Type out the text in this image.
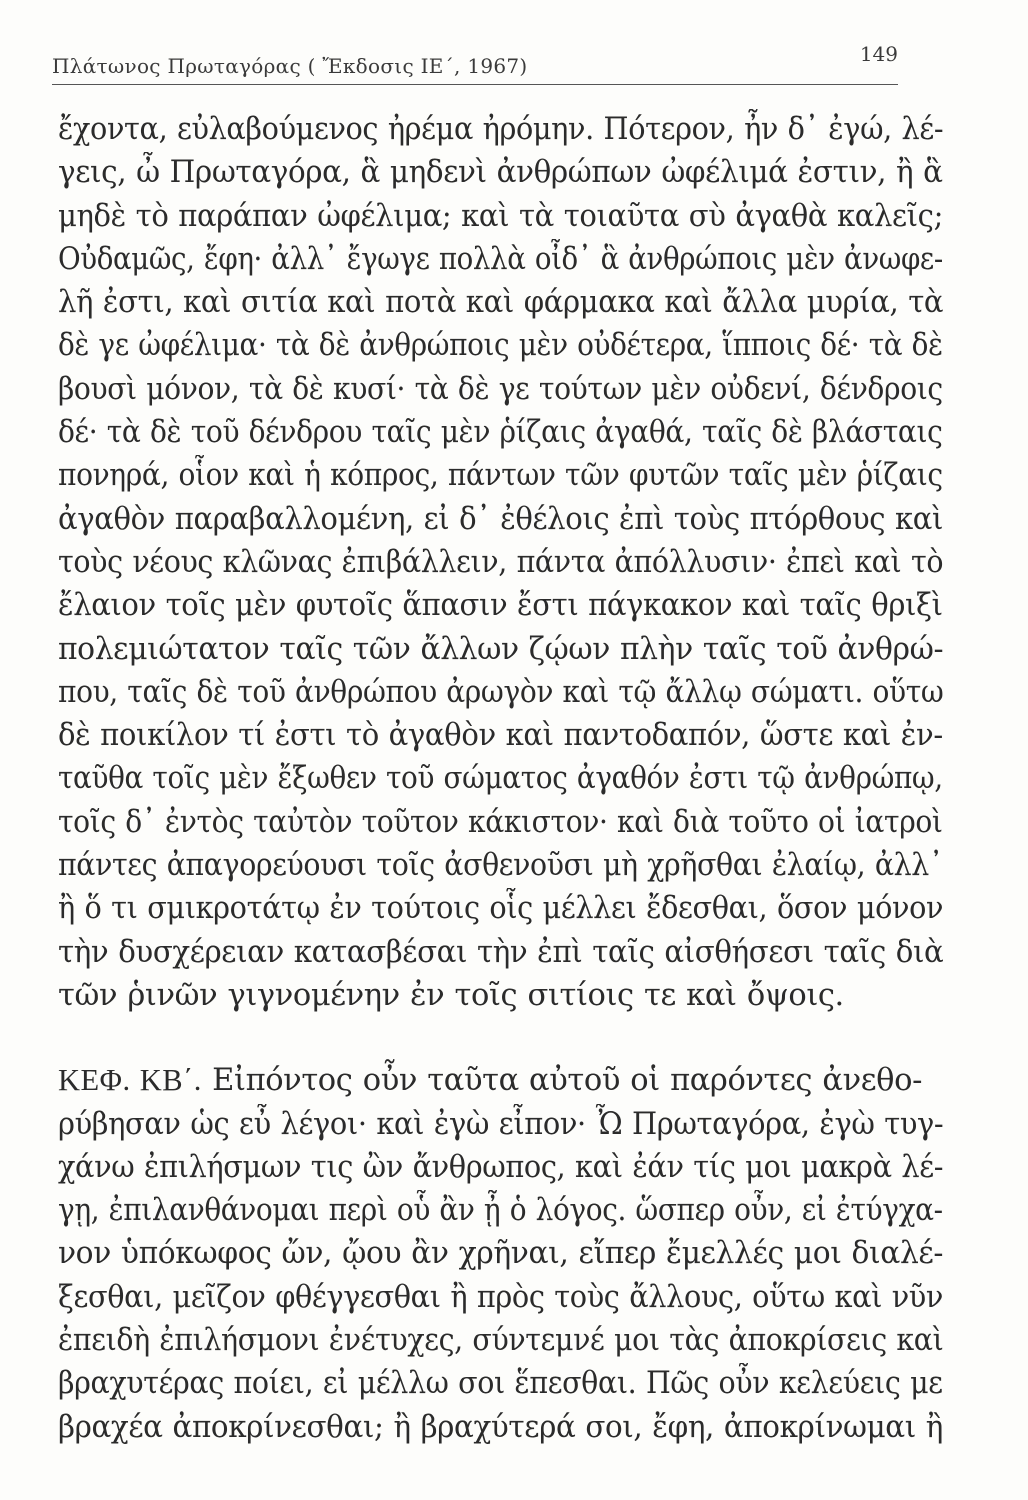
Πλάτωνος Πρωταγόρας ( Ἔκδοσις ΙΕ΄, 1967)	149
ἔχοντα, εὐλαβούμενος ἠρέμα ἠρόμην. Πότερον, ἦν δ᾽ ἐγώ, λέ-
γεις, ὦ Πρωταγόρα, ἃ μηδενὶ ἀνθρώπων ὠφέλιμά ἐστιν, ἢ ἃ
μηδὲ τὸ παράπαν ὠφέλιμα; καὶ τὰ τοιαῦτα σὺ ἀγαθὰ καλεῖς;
Οὐδαμῶς, ἔφη· ἀλλ᾽ ἔγωγε πολλὰ οἶδ᾽ ἃ ἀνθρώποις μὲν ἀνωφε-
λῆ ἐστι, καὶ σιτία καὶ ποτὰ καὶ φάρμακα καὶ ἄλλα μυρία, τὰ
δὲ γε ὠφέλιμα· τὰ δὲ ἀνθρώποις μὲν οὐδέτερα, ἵπποις δέ· τὰ δὲ
βουσὶ μόνον, τὰ δὲ κυσί· τὰ δὲ γε τούτων μὲν οὐδενί, δένδροις
δέ· τὰ δὲ τοῦ δένδρου ταῖς μὲν ῥίζαις ἀγαθά, ταῖς δὲ βλάσταις
πονηρά, οἷον καὶ ἡ κόπρος, πάντων τῶν φυτῶν ταῖς μὲν ῥίζαις
ἀγαθὸν παραβαλλομένη, εἰ δ᾽ ἐθέλοις ἐπὶ τοὺς πτόρθους καὶ
τοὺς νέους κλῶνας ἐπιβάλλειν, πάντα ἀπόλλυσιν· ἐπεὶ καὶ τὸ
ἔλαιον τοῖς μὲν φυτοῖς ἅπασιν ἔστι πάγκακον καὶ ταῖς θριξὶ
πολεμιώτατον ταῖς τῶν ἄλλων ζῴων πλὴν ταῖς τοῦ ἀνθρώ-
που, ταῖς δὲ τοῦ ἀνθρώπου ἀρωγὸν καὶ τῷ ἄλλῳ σώματι. οὕτω
δὲ ποικίλον τί ἐστι τὸ ἀγαθὸν καὶ παντοδαπόν, ὥστε καὶ ἐν-
ταῦθα τοῖς μὲν ἔξωθεν τοῦ σώματος ἀγαθόν ἐστι τῷ ἀνθρώπῳ,
τοῖς δ᾽ ἐντὸς ταὐτὸν τοῦτον κάκιστον· καὶ διὰ τοῦτο οἱ ἰατροὶ
πάντες ἀπαγορεύουσι τοῖς ἀσθενοῦσι μὴ χρῆσθαι ἐλαίῳ, ἀλλ᾽
ἢ ὅ τι σμικροτάτῳ ἐν τούτοις οἷς μέλλει ἔδεσθαι, ὅσον μόνον
τὴν δυσχέρειαν κατασβέσαι τὴν ἐπὶ ταῖς αἰσθήσεσι ταῖς διὰ
τῶν ῥινῶν γιγνομένην ἐν τοῖς σιτίοις τε καὶ ὄψοις.
ΚΕΦ. ΚΒ΄. Εἰπόντος οὖν ταῦτα αὐτοῦ οἱ παρόντες ἀνεθο-
ρύβησαν ὡς εὖ λέγοι· καὶ ἐγὼ εἶπον· Ὦ Πρωταγόρα, ἐγὼ τυγ-
χάνω ἐπιλήσμων τις ὢν ἄνθρωπος, καὶ ἐάν τίς μοι μακρὰ λέ-
γῃ, ἐπιλανθάνομαι περὶ οὗ ἂν ᾖ ὁ λόγος. ὥσπερ οὖν, εἰ ἐτύγχα-
νον ὑπόκωφος ὤν, ᾤου ἂν χρῆναι, εἴπερ ἔμελλές μοι διαλέ-
ξεσθαι, μεῖζον φθέγγεσθαι ἢ πρὸς τοὺς ἄλλους, οὕτω καὶ νῦν
ἐπειδὴ ἐπιλήσμονι ἐνέτυχες, σύντεμνέ μοι τὰς ἀποκρίσεις καὶ
βραχυτέρας ποίει, εἰ μέλλω σοι ἕπεσθαι. Πῶς οὖν κελεύεις με
βραχέα ἀποκρίνεσθαι; ἢ βραχύτερά σοι, ἔφη, ἀποκρίνωμαι ἢ
